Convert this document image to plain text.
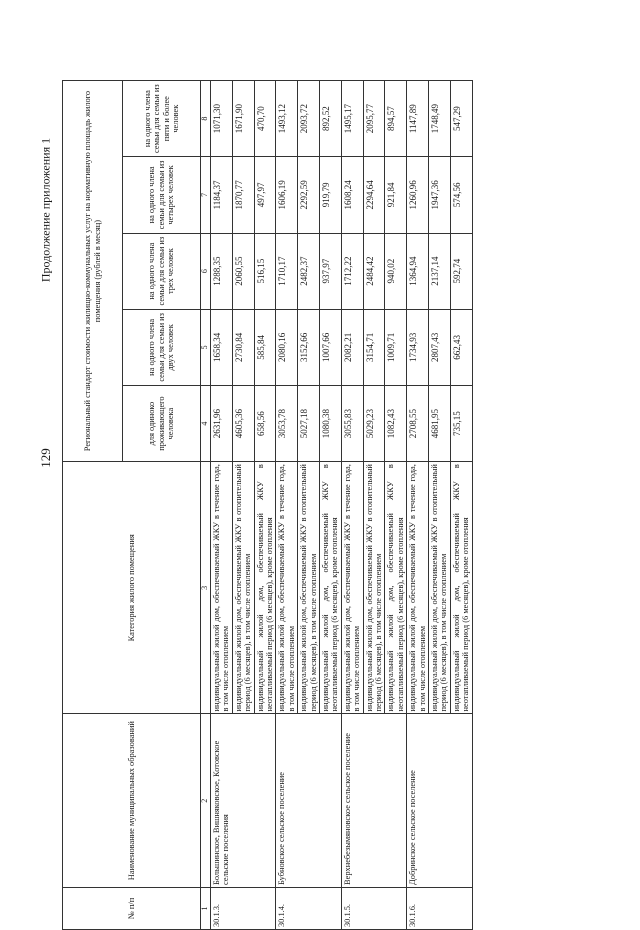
129
Продолжение приложения 1
№ п/п	Наименование муниципальных образований	Категория жилого помещения	Региональный стандарт стоимости жилищно-коммунальных услуг на нормативную площадь жилого помещения (рублей в месяц)				
			для одиноко проживающего человека	на одного члена семьи для семьи из двух человек	на одного члена семьи для семьи из трех человек	на одного члена семьи для семьи из четырех человек	на одного члена семьи для семьи из пяти и более человек
1	2	3	4	5	6	7	8
30.1.3.	Большинское, Вишняковское, Котовское сельские поселения	индивидуальный жилой дом, обеспечиваемый ЖКУ в течение года, в том числе отоплением	2631,96	1658,34	1288,35	1184,37	1071,30
		индивидуальный жилой дом, обеспечиваемый ЖКУ в отопительный период (6 месяцев), в том числе отоплением	4605,36	2730,84	2060,55	1870,77	1671,90
		индивидуальный жилой дом, обеспечиваемый ЖКУ в неотапливаемый период (6 месяцев), кроме отопления	658,56	585,84	516,15	497,97	470,70
30.1.4.	Бубновское сельское поселение	индивидуальный жилой дом, обеспечиваемый ЖКУ в течение года, в том числе отоплением	3053,78	2080,16	1710,17	1606,19	1493,12
		индивидуальный жилой дом, обеспечиваемый ЖКУ в отопительный период (6 месяцев), в том числе отоплением	5027,18	3152,66	2482,37	2292,59	2093,72
		индивидуальный жилой дом, обеспечиваемый ЖКУ в неотапливаемый период (6 месяцев), кроме отопления	1080,38	1007,66	937,97	919,79	892,52
30.1.5.	Верхнебезымяновское сельское поселение	индивидуальный жилой дом, обеспечиваемый ЖКУ в течение года, в том числе отоплением	3055,83	2082,21	1712,22	1608,24	1495,17
		индивидуальный жилой дом, обеспечиваемый ЖКУ в отопительный период (6 месяцев), в том числе отоплением	5029,23	3154,71	2484,42	2294,64	2095,77
		индивидуальный жилой дом, обеспечиваемый ЖКУ в неотапливаемый период (6 месяцев), кроме отопления	1082,43	1009,71	940,02	921,84	894,57
30.1.6.	Добринское сельское поселение	индивидуальный жилой дом, обеспечиваемый ЖКУ в течение года, в том числе отоплением	2708,55	1734,93	1364,94	1260,96	1147,89
		индивидуальный жилой дом, обеспечиваемый ЖКУ в отопительный период (6 месяцев), в том числе отоплением	4681,95	2807,43	2137,14	1947,36	1748,49
		индивидуальный жилой дом, обеспечиваемый ЖКУ в неотапливаемый период (6 месяцев), кроме отопления	735,15	662,43	592,74	574,56	547,29
